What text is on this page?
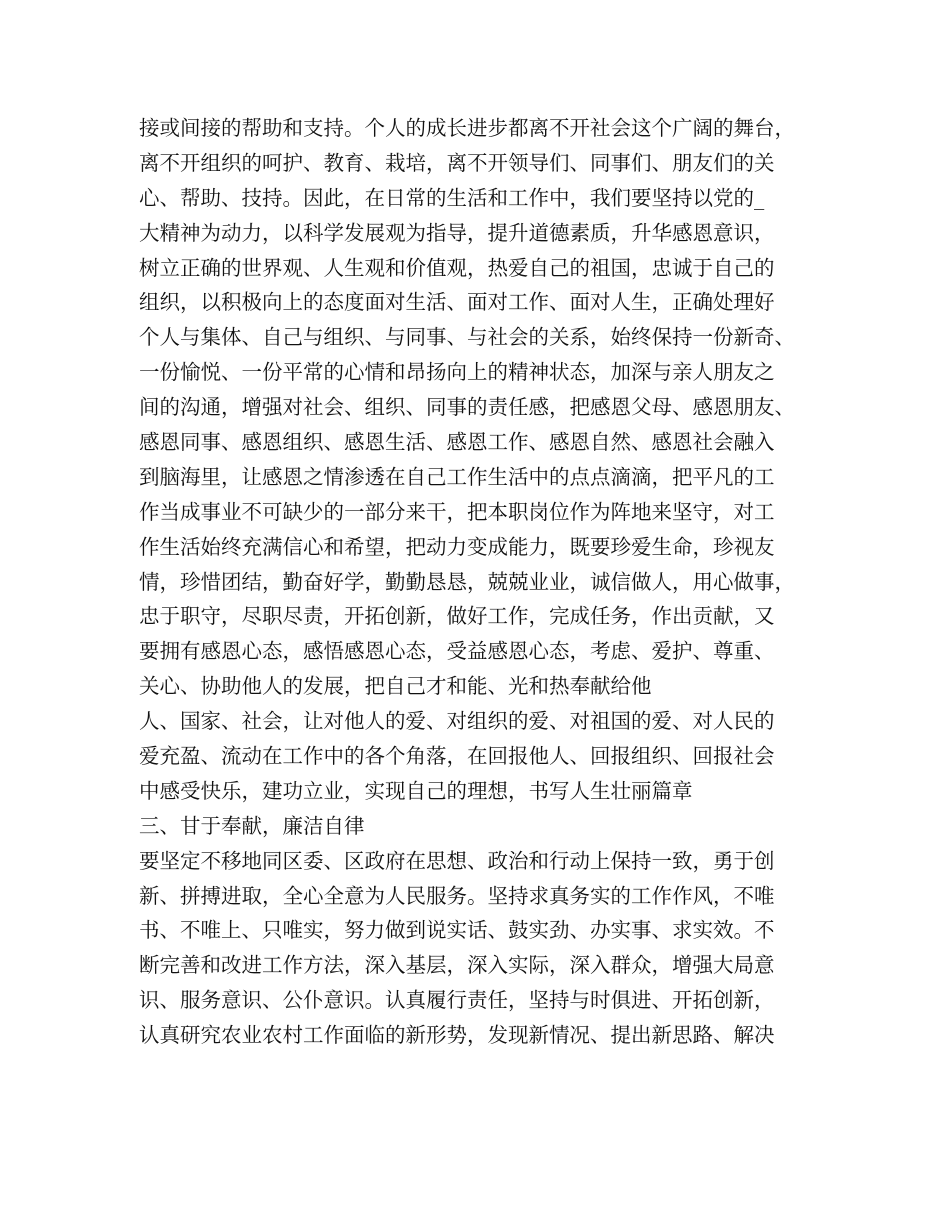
接或间接的帮助和支持。个人的成长进步都离不开社会这个广阔的舞台，
离不开组织的呵护、教育、栽培，离不开领导们、同事们、朋友们的关
心、帮助、技持。因此，在日常的生活和工作中，我们要坚持以党的_
大精神为动力，以科学发展观为指导，提升道德素质，升华感恩意识，
树立正确的世界观、人生观和价值观，热爱自己的祖国，忠诚于自己的
组织，以积极向上的态度面对生活、面对工作、面对人生，正确处理好
个人与集体、自己与组织、与同事、与社会的关系，始终保持一份新奇、
一份愉悦、一份平常的心情和昂扬向上的精神状态，加深与亲人朋友之
间的沟通，增强对社会、组织、同事的责任感，把感恩父母、感恩朋友、
感恩同事、感恩组织、感恩生活、感恩工作、感恩自然、感恩社会融入
到脑海里，让感恩之情渗透在自己工作生活中的点点滴滴，把平凡的工
作当成事业不可缺少的一部分来干，把本职岗位作为阵地来坚守，对工
作生活始终充满信心和希望，把动力变成能力，既要珍爱生命，珍视友
情，珍惜团结，勤奋好学，勤勤恳恳，兢兢业业，诚信做人，用心做事，
忠于职守，尽职尽责，开拓创新，做好工作，完成任务，作出贡献，又
要拥有感恩心态，感悟感恩心态，受益感恩心态，考虑、爱护、尊重、
关心、协助他人的发展，把自己才和能、光和热奉献给他
人、国家、社会，让对他人的爱、对组织的爱、对祖国的爱、对人民的
爱充盈、流动在工作中的各个角落，在回报他人、回报组织、回报社会
中感受快乐，建功立业，实现自己的理想，书写人生壮丽篇章
三、甘于奉献，廉洁自律
要坚定不移地同区委、区政府在思想、政治和行动上保持一致，勇于创
新、拼搏进取，全心全意为人民服务。坚持求真务实的工作作风，不唯
书、不唯上、只唯实，努力做到说实话、鼓实劲、办实事、求实效。不
断完善和改进工作方法，深入基层，深入实际，深入群众，增强大局意
识、服务意识、公仆意识。认真履行责任，坚持与时俱进、开拓创新，
认真研究农业农村工作面临的新形势，发现新情况、提出新思路、解决
